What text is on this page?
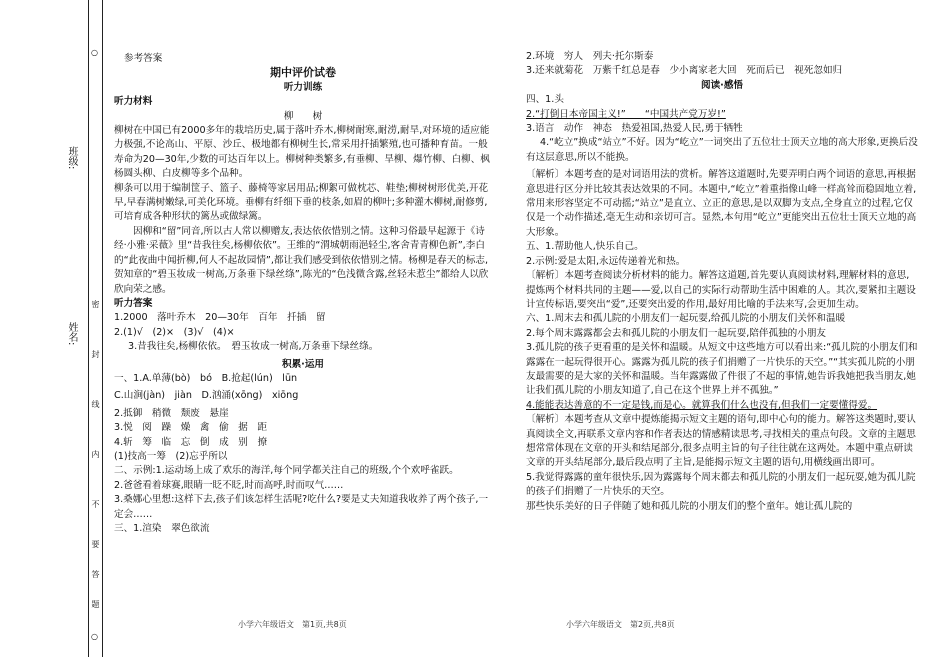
班级:
姓名:
○
○
密
封
线
内
不
要
答
题

参考答案

期中评价试卷

听力训练

听力材料

柳　　树

柳树在中国已有2000多年的栽培历史,属于落叶乔木,柳树耐寒,耐涝,耐旱,对环境的适应能力极强,不论高山、平原、沙丘、极地都有柳树生长,常采用扦插繁殖,也可播种育苗。一般寿命为20—30年,少数的可达百年以上。柳树种类繁多,有垂柳、旱柳、爆竹柳、白柳、枫杨圆头柳、白皮柳等多个品种。

柳条可以用于编制筐子、篮子、藤椅等家居用品;柳絮可做枕芯、鞋垫;柳树树形优美,开花早,早春满树嫩绿,可美化环境。垂柳有纤细下垂的枝条,如眉的柳叶;多种灌木柳树,耐修剪,可培育成各种形状的篱丛或做绿篱。

因柳和“留”同音,所以古人常以柳赠友,表达依依惜别之情。这种习俗最早起源于《诗经·小雅·采薇》里“昔我往矣,杨柳依依”。王维的“渭城朝雨浥轻尘,客舍青青柳色新”,李白的“此夜曲中闻折柳,何人不起故园情”,都让我们感受到依依惜别之情。杨柳是春天的标志,贺知章的“碧玉妆成一树高,万条垂下绿丝绦”,陈光的“色浅微含露,丝轻未惹尘”都给人以欣欣向荣之感。

听力答案

1.2000　落叶乔木　20—30年　百年　扦插　留

2.(1)√　(2)×　(3)√　(4)×

3.昔我往矣,杨柳依依。　碧玉妆成一树高,万条垂下绿丝绦。

积累·运用

一、1.A.单薄(bò)　bó　B.抢起(lún)　lūn

C.山涧(jàn)　jiàn　D.汹涌(xōng)　xiōng

2.抵御　稍微　颓废　悬崖

3.悦　阅　躁　燥　禽　偷　据　距

4.斩　筹　临　忘　倒　成　别　撩

(1)技高一筹　(2)忘乎所以

二、示例:1.运动场上成了欢乐的海洋,每个同学都关注自己的班级,个个欢呼雀跃。

2.爸爸看着球赛,眼睛一眨不眨,时而高呼,时而叹气……

3.桑娜心里想:这样下去,孩子们该怎样生活呢?吃什么?要是丈夫知道我收养了两个孩子,一定会……

三、1.渲染　翠色欲流

小学六年级语文　第1页,共8页

2.环境　穷人　列夫·托尔斯泰

3.还来就菊花　万紫千红总是春　少小离家老大回　死而后已　视死忽如归

阅读·感悟

四、1.头

2.“打倒日本帝国主义!”　　“中国共产党万岁!”

3.语言　动作　神态　热爱祖国,热爱人民,勇于牺牲

4.“屹立”换成“站立”不好。因为“屹立”一词突出了五位壮士顶天立地的高大形象,更换后没有这层意思,所以不能换。

〔解析〕本题考查的是对词语用法的赏析。解答这道题时,先要弄明白两个词语的意思,再根据意思进行区分并比较其表达效果的不同。本题中,“屹立”着重指像山峰一样高耸而稳固地立着,常用来形容坚定不可动摇;“站立”是直立、立正的意思,是以双脚为支点,全身直立的过程,它仅仅是一个动作描述,毫无生动和亲切可言。显然,本句用“屹立”更能突出五位壮士顶天立地的高大形象。

五、1.帮助他人,快乐自己。

2.示例:爱是太阳,永远传递着光和热。

〔解析〕本题考查阅读分析材料的能力。解答这道题,首先要认真阅读材料,理解材料的意思,提炼两个材料共同的主题——爱,以自己的实际行动帮助生活中困难的人。其次,要紧扣主题设计宣传标语,要突出“爱”,还要突出爱的作用,最好用比喻的手法来写,会更加生动。

六、1.周末去和孤儿院的小朋友们一起玩耍,给孤儿院的小朋友们关怀和温暖

2.每个周末露露都会去和孤儿院的小朋友们一起玩耍,陪伴孤独的小朋友

3.孤儿院的孩子更看重的是关怀和温暖。从短文中这些地方可以看出来:“孤儿院的小朋友们和露露在一起玩得很开心。露露为孤儿院的孩子们捐赠了一片快乐的天空。”“其实孤儿院的小朋友最需要的是大家的关怀和温暖。当年露露做了件很了不起的事情,她告诉我她把我当朋友,她让我们孤儿院的小朋友知道了,自己在这个世界上并不孤独。”

4.能能表达善意的不一定是钱,而是心。就算我们什么也没有,但我们一定要懂得爱。

〔解析〕本题考查从文章中提炼能揭示短文主题的语句,即中心句的能力。解答这类题时,要认真阅读全文,再联系文章内容和作者表达的情感精读思考,寻找相关的重点句段。文章的主题思想常常体现在文章的开头和结尾部分,很多点明主旨的句子往往就在这两处。本题中重点研读文章的开头结尾部分,最后段点明了主旨,是能揭示短文主题的语句,用横线画出即可。

5.我觉得露露的童年很快乐,因为露露每个周末都去和孤儿院的小朋友们一起玩耍,她为孤儿院的孩子们捐赠了一片快乐的天空。

那些快乐美好的日子伴随了她和孤儿院的小朋友们的整个童年。她让孤儿院的

小学六年级语文　第2页,共8页
